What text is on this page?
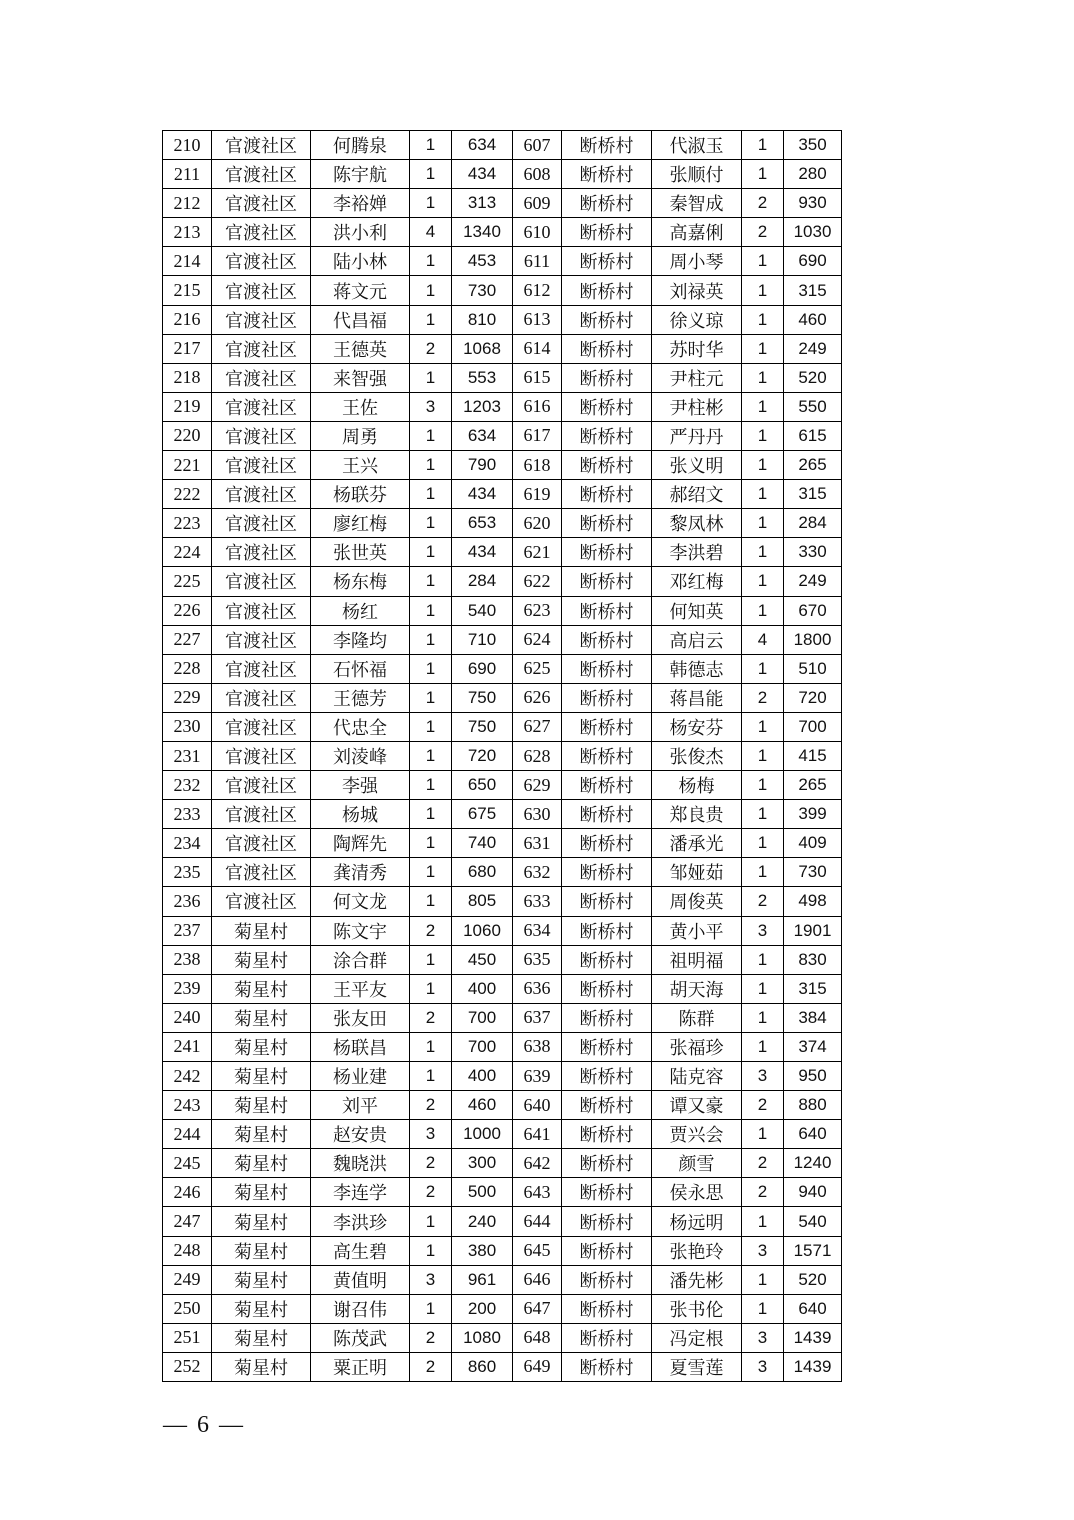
210	官渡社区	何腾泉	1	634	607	断桥村	代淑玉	1	350
211	官渡社区	陈宇航	1	434	608	断桥村	张顺付	1	280
212	官渡社区	李裕婵	1	313	609	断桥村	秦智成	2	930
213	官渡社区	洪小利	4	1340	610	断桥村	高嘉俐	2	1030
214	官渡社区	陆小林	1	453	611	断桥村	周小琴	1	690
215	官渡社区	蒋文元	1	730	612	断桥村	刘禄英	1	315
216	官渡社区	代昌福	1	810	613	断桥村	徐义琼	1	460
217	官渡社区	王德英	2	1068	614	断桥村	苏时华	1	249
218	官渡社区	来智强	1	553	615	断桥村	尹柱元	1	520
219	官渡社区	王佐	3	1203	616	断桥村	尹柱彬	1	550
220	官渡社区	周勇	1	634	617	断桥村	严丹丹	1	615
221	官渡社区	王兴	1	790	618	断桥村	张义明	1	265
222	官渡社区	杨联芬	1	434	619	断桥村	郝绍文	1	315
223	官渡社区	廖红梅	1	653	620	断桥村	黎凤林	1	284
224	官渡社区	张世英	1	434	621	断桥村	李洪碧	1	330
225	官渡社区	杨东梅	1	284	622	断桥村	邓红梅	1	249
226	官渡社区	杨红	1	540	623	断桥村	何知英	1	670
227	官渡社区	李隆均	1	710	624	断桥村	高启云	4	1800
228	官渡社区	石怀福	1	690	625	断桥村	韩德志	1	510
229	官渡社区	王德芳	1	750	626	断桥村	蒋昌能	2	720
230	官渡社区	代忠全	1	750	627	断桥村	杨安芬	1	700
231	官渡社区	刘淩峰	1	720	628	断桥村	张俊杰	1	415
232	官渡社区	李强	1	650	629	断桥村	杨梅	1	265
233	官渡社区	杨城	1	675	630	断桥村	郑良贵	1	399
234	官渡社区	陶辉先	1	740	631	断桥村	潘承光	1	409
235	官渡社区	龚清秀	1	680	632	断桥村	邹娅茹	1	730
236	官渡社区	何文龙	1	805	633	断桥村	周俊英	2	498
237	菊星村	陈文宇	2	1060	634	断桥村	黄小平	3	1901
238	菊星村	涂合群	1	450	635	断桥村	祖明福	1	830
239	菊星村	王平友	1	400	636	断桥村	胡天海	1	315
240	菊星村	张友田	2	700	637	断桥村	陈群	1	384
241	菊星村	杨联昌	1	700	638	断桥村	张福珍	1	374
242	菊星村	杨业建	1	400	639	断桥村	陆克容	3	950
243	菊星村	刘平	2	460	640	断桥村	谭又豪	2	880
244	菊星村	赵安贵	3	1000	641	断桥村	贾兴会	1	640
245	菊星村	魏晓洪	2	300	642	断桥村	颜雪	2	1240
246	菊星村	李连学	2	500	643	断桥村	侯永思	2	940
247	菊星村	李洪珍	1	240	644	断桥村	杨远明	1	540
248	菊星村	高生碧	1	380	645	断桥村	张艳玲	3	1571
249	菊星村	黄值明	3	961	646	断桥村	潘先彬	1	520
250	菊星村	谢召伟	1	200	647	断桥村	张书伦	1	640
251	菊星村	陈茂武	2	1080	648	断桥村	冯定根	3	1439
252	菊星村	粟正明	2	860	649	断桥村	夏雪莲	3	1439
— 6 —
